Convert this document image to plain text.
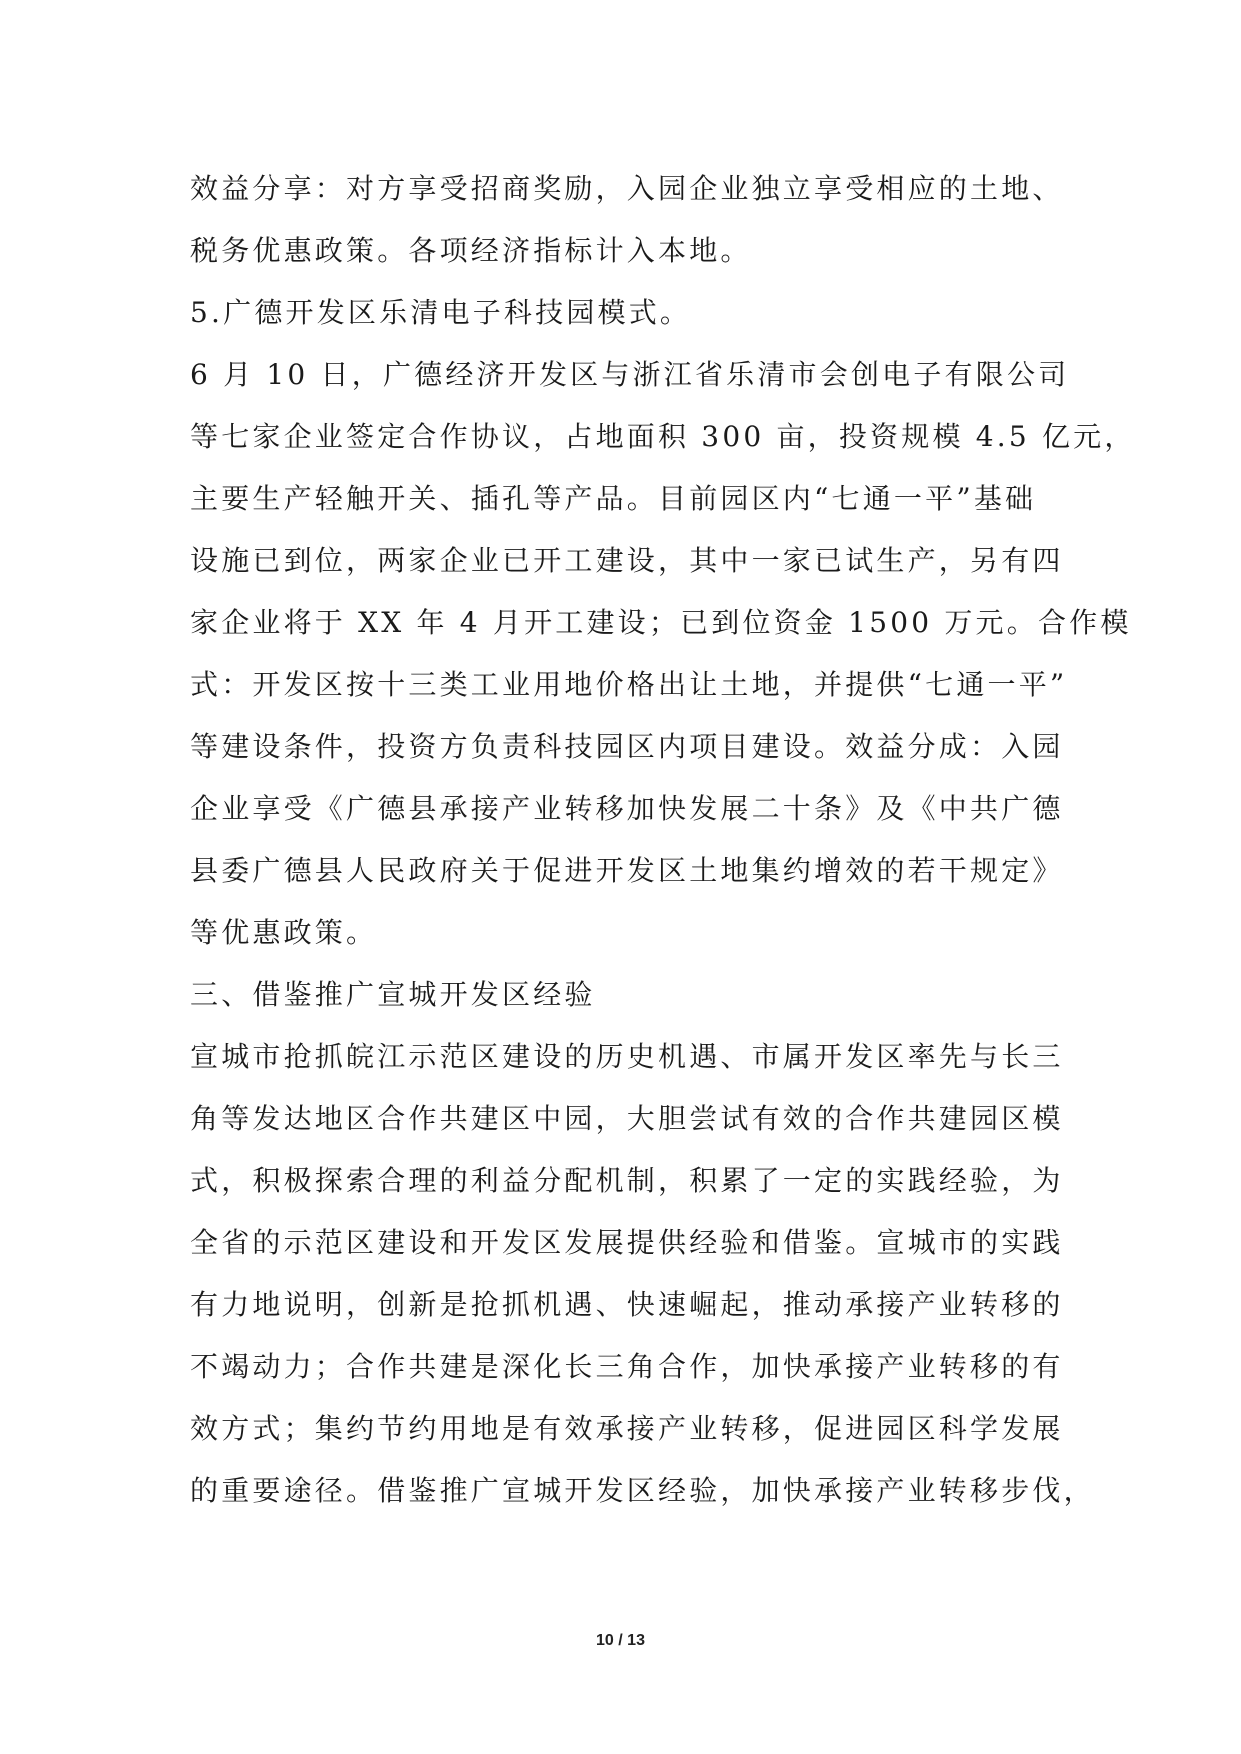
效益分享：对方享受招商奖励，入园企业独立享受相应的土地、
税务优惠政策。各项经济指标计入本地。
5.广德开发区乐清电子科技园模式。
6 月 10 日，广德经济开发区与浙江省乐清市会创电子有限公司
等七家企业签定合作协议，占地面积 300 亩，投资规模 4.5 亿元，
主要生产轻触开关、插孔等产品。目前园区内“七通一平”基础
设施已到位，两家企业已开工建设，其中一家已试生产，另有四
家企业将于 XX 年 4 月开工建设；已到位资金 1500 万元。合作模
式：开发区按十三类工业用地价格出让土地，并提供“七通一平”
等建设条件，投资方负责科技园区内项目建设。效益分成：入园
企业享受《广德县承接产业转移加快发展二十条》及《中共广德
县委广德县人民政府关于促进开发区土地集约增效的若干规定》
等优惠政策。
三、借鉴推广宣城开发区经验
宣城市抢抓皖江示范区建设的历史机遇、市属开发区率先与长三
角等发达地区合作共建区中园，大胆尝试有效的合作共建园区模
式，积极探索合理的利益分配机制，积累了一定的实践经验，为
全省的示范区建设和开发区发展提供经验和借鉴。宣城市的实践
有力地说明，创新是抢抓机遇、快速崛起，推动承接产业转移的
不竭动力；合作共建是深化长三角合作，加快承接产业转移的有
效方式；集约节约用地是有效承接产业转移，促进园区科学发展
的重要途径。借鉴推广宣城开发区经验，加快承接产业转移步伐，
10 / 13
